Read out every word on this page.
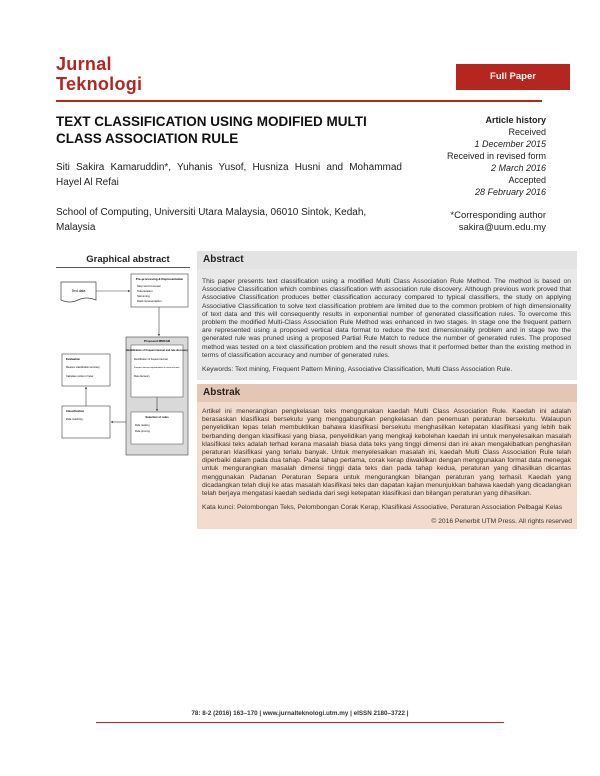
Jurnal
Teknologi	Full Paper
TEXT CLASSIFICATION USING MODIFIED MULTI CLASS ASSOCIATION RULE
Siti Sakira Kamaruddin*, Yuhanis Yusof, Husniza Husni and Mohammad Hayel Al Refai
School of Computing, Universiti Utara Malaysia, 06010 Sintok, Kedah, Malaysia
Article history
Received
1 December 2015
Received in revised form
2 March 2016
Accepted
28 February 2016
*Corresponding author
sakira@uum.edu.my
Graphical abstract
Text data
Pre-processing & Representation
Stop word removal
Tokenization
Stemming
Data representation
Proposed MMCAR
Identification of frequent itemset and rule discovery
Identification of frequent itemset
Frequent itemset representation in vertical format
Rule discovery
Selection of rules
Rule ranking
Rule pruning
Evaluation
Measure classification accuracy
Calculate number of rules
Classification
Rule matching
Abstract
This paper presents text classification using a modified Multi Class Association Rule Method. The method is based on Associative Classification which combines classification with association rule discovery. Although previous work proved that Associative Classification produces better classification accuracy compared to typical classifiers, the study on applying Associative Classification to solve text classification problem are limited due to the common problem of high dimensionality of text data and this will consequently results in exponential number of generated classification rules. To overcome this problem the modified Multi-Class Association Rule Method was enhanced in two stages. In stage one the frequent pattern are represented using a proposed vertical data format to reduce the text dimensionality problem and in stage two the generated rule was pruned using a proposed Partial Rule Match to reduce the number of generated rules. The proposed method was tested on a text classification problem and the result shows that it performed better than the existing method in terms of classification accuracy and number of generated rules.
Keywords: Text mining, Frequent Pattern Mining, Associative Classification, Multi Class Association Rule.
Abstrak
Artikel ini menerangkan pengkelasan teks menggunakan kaedah Multi Class Association Rule. Kaedah ini adalah berasaskan klasifikasi bersekutu yang menggabungkan pengkelasan dan penemuan peraturan bersekutu. Walaupun penyelidikan lepas telah membuktikan bahawa klasifikasi bersekutu menghasilkan ketepatan klasifikasi yang lebih baik berbanding dengan klasifikasi yang biasa, penyelidikan yang mengkaji kebolehan kaedah ini untuk menyelesaikan masalah klasifikasi teks adalah terhad kerana masalah biasa data teks yang tinggi dimensi dan ini akan mengakibatkan penghasilan peraturan klasifikasi yang terlalu banyak. Untuk menyelesaikan masalah ini, kaedah Multi Class Association Rule telah diperbaiki dalam pada dua tahap. Pada tahap pertama, corak kerap diwakilkan dengan menggunakan format data menegak untuk mengurangkan masalah dimensi tinggi data teks dan pada tahap kedua, peraturan yang dihasilkan dicantas menggunakan Padanan Peraturan Separa untuk mengurangkan bilangan peraturan yang terhasil. Kaedah yang dicadangkan telah diuji ke atas masalah klasifikasi teks dan dapatan kajian menunjukkan bahawa kaedah yang dicadangkan telah berjaya mengatasi kaedah sediada dari segi ketepatan klasifikasi dan bilangan peraturan yang dihasilkan.
Kata kunci: Pelombongan Teks, Pelombongan Corak Kerap, Klasifikasi Associative, Peraturan Association Pelbagai Kelas
© 2016 Penerbit UTM Press. All rights reserved
78: 8-2 (2016) 163–170 | www.jurnalteknologi.utm.my | eISSN 2180–3722 |
